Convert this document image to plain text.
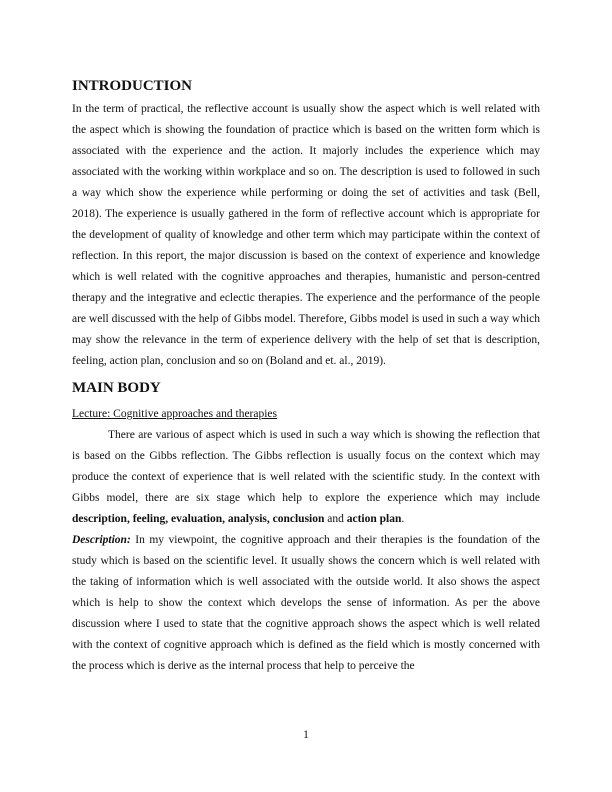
INTRODUCTION

In the term of practical, the reflective account is usually show the aspect which is well related with the aspect which is showing the foundation of practice which is based on the written form which is associated with the experience and the action. It majorly includes the experience which may associated with the working within workplace and so on. The description is used to followed in such a way which show the experience while performing or doing the set of activities and task (Bell, 2018). The experience is usually gathered in the form of reflective account which is appropriate for the development of quality of knowledge and other term which may participate within the context of reflection. In this report, the major discussion is based on the context of experience and knowledge which is well related with the cognitive approaches and therapies, humanistic and person-centred therapy and the integrative and eclectic therapies. The experience and the performance of the people are well discussed with the help of Gibbs model. Therefore, Gibbs model is used in such a way which may show the relevance in the term of experience delivery with the help of set that is description, feeling, action plan, conclusion and so on (Boland and et. al., 2019).

MAIN BODY

Lecture: Cognitive approaches and therapies

There are various of aspect which is used in such a way which is showing the reflection that is based on the Gibbs reflection. The Gibbs reflection is usually focus on the context which may produce the context of experience that is well related with the scientific study. In the context with Gibbs model, there are six stage which help to explore the experience which may include description, feeling, evaluation, analysis, conclusion and action plan.

Description: In my viewpoint, the cognitive approach and their therapies is the foundation of the study which is based on the scientific level. It usually shows the concern which is well related with the taking of information which is well associated with the outside world. It also shows the aspect which is help to show the context which develops the sense of information. As per the above discussion where I used to state that the cognitive approach shows the aspect which is well related with the context of cognitive approach which is defined as the field which is mostly concerned with the process which is derive as the internal process that help to perceive the

1
